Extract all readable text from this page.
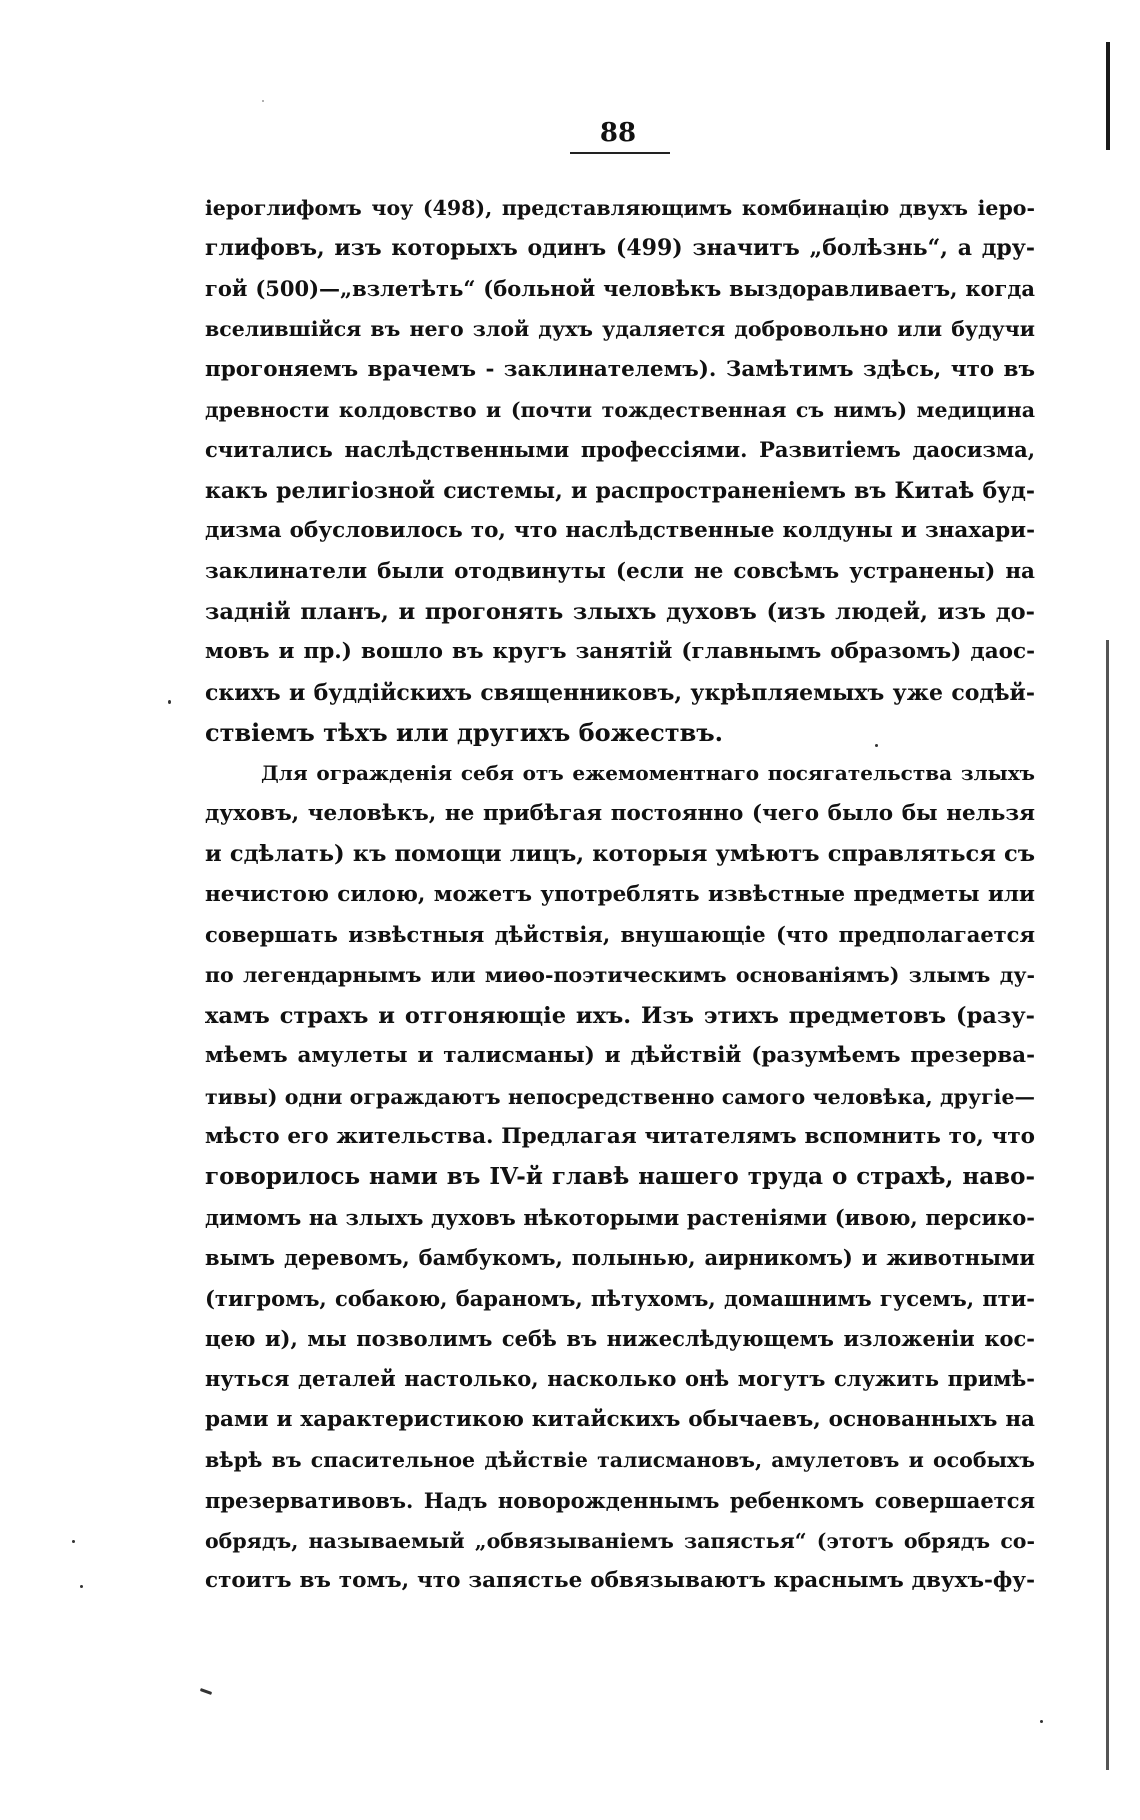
88
іероглифомъ чоу (498), представляющимъ комбинацію двухъ іеро-
глифовъ, изъ которыхъ одинъ (499) значитъ „болѣзнь“, а дру-
гой (500)—„взлетѣть“ (больной человѣкъ выздоравливаетъ, когда
вселившійся въ него злой духъ удаляется добровольно или будучи
прогоняемъ врачемъ - заклинателемъ). Замѣтимъ здѣсь, что въ
древности колдовство и (почти тождественная съ нимъ) медицина
считались наслѣдственными профессіями. Развитіемъ даосизма,
какъ религіозной системы, и распространеніемъ въ Китаѣ буд-
дизма обусловилось то, что наслѣдственные колдуны и знахари-
заклинатели были отодвинуты (если не совсѣмъ устранены) на
задній планъ, и прогонять злыхъ духовъ (изъ людей, изъ до-
мовъ и пр.) вошло въ кругъ занятій (главнымъ образомъ) даос-
скихъ и буддійскихъ священниковъ, укрѣпляемыхъ уже содѣй-
ствіемъ тѣхъ или другихъ божествъ.
Для огражденія себя отъ ежемоментнаго посягательства злыхъ
духовъ, человѣкъ, не прибѣгая постоянно (чего было бы нельзя
и сдѣлать) къ помощи лицъ, которыя умѣютъ справляться съ
нечистою силою, можетъ употреблять извѣстные предметы или
совершать извѣстныя дѣйствія, внушающіе (что предполагается
по легендарнымъ или миѳо-поэтическимъ основаніямъ) злымъ ду-
хамъ страхъ и отгоняющіе ихъ. Изъ этихъ предметовъ (разу-
мѣемъ амулеты и талисманы) и дѣйствій (разумѣемъ презерва-
тивы) одни ограждаютъ непосредственно самого человѣка, другіе—
мѣсто его жительства. Предлагая читателямъ вспомнить то, что
говорилось нами въ IV-й главѣ нашего труда о страхѣ, наво-
димомъ на злыхъ духовъ нѣкоторыми растеніями (ивою, персико-
вымъ деревомъ, бамбукомъ, полынью, аирникомъ) и животными
(тигромъ, собакою, бараномъ, пѣтухомъ, домашнимъ гусемъ, пти-
цею и), мы позволимъ себѣ въ нижеслѣдующемъ изложеніи кос-
нуться деталей настолько, насколько онѣ могутъ служить примѣ-
рами и характеристикою китайскихъ обычаевъ, основанныхъ на
вѣрѣ въ спасительное дѣйствіе талисмановъ, амулетовъ и особыхъ
презервативовъ. Надъ новорожденнымъ ребенкомъ совершается
обрядъ, называемый „обвязываніемъ запястья“ (этотъ обрядъ со-
стоитъ въ томъ, что запястье обвязываютъ краснымъ двухъ-фу-
